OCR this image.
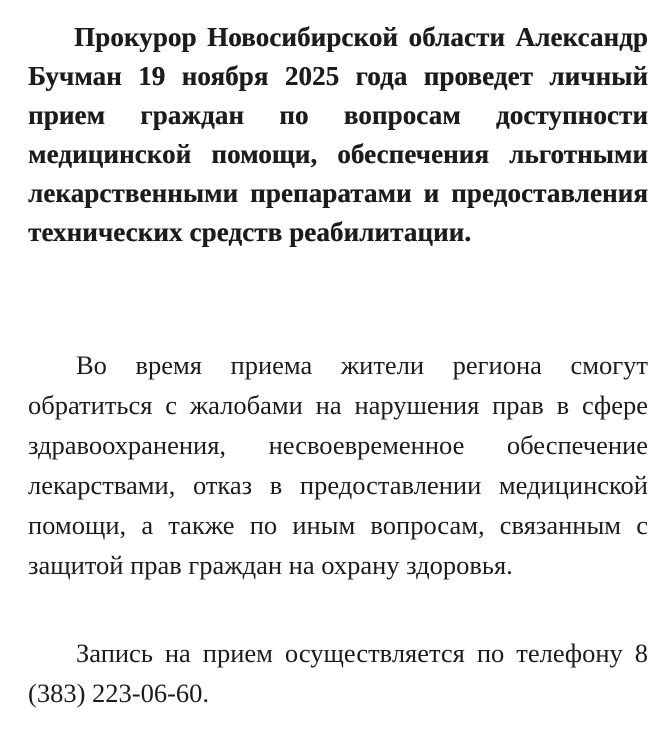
Прокурор Новосибирской области Александр Бучман 19 ноября 2025 года проведет личный прием граждан по вопросам доступности медицинской помощи, обеспечения льготными лекарственными препаратами и предоставления технических средств реабилитации.

Во время приема жители региона смогут обратиться с жалобами на нарушения прав в сфере здравоохранения, несвоевременное обеспечение лекарствами, отказ в предоставлении медицинской помощи, а также по иным вопросам, связанным с защитой прав граждан на охрану здоровья.

Запись на прием осуществляется по телефону 8 (383) 223-06-60.
